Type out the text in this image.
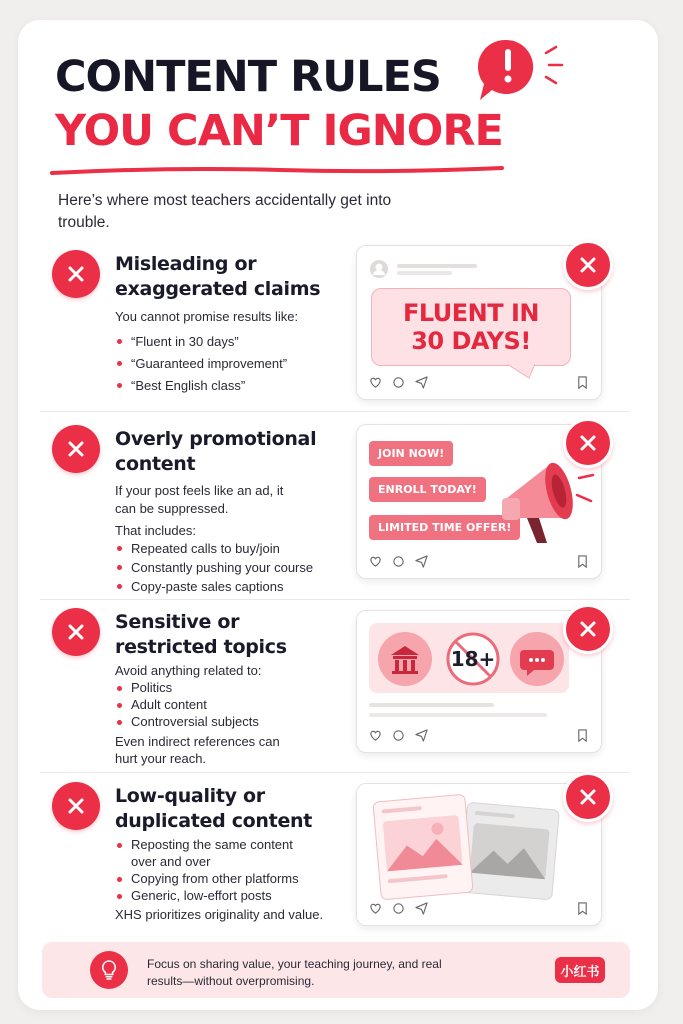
CONTENT RULES
YOU CAN’T IGNORE
Here’s where most teachers accidentally get into trouble.
Misleading or exaggerated claims
You cannot promise results like:
“Fluent in 30 days”
“Guaranteed improvement”
“Best English class”
FLUENT IN
30 DAYS!
Overly promotional content
If your post feels like an ad, it can be suppressed.
That includes:
Repeated calls to buy/join
Constantly pushing your course
Copy-paste sales captions
JOIN NOW!
ENROLL TODAY!
LIMITED TIME OFFER!
Sensitive or restricted topics
Avoid anything related to:
Politics
Adult content
Controversial subjects
Even indirect references can hurt your reach.
18+
Low-quality or duplicated content
Reposting the same content over and over
Copying from other platforms
Generic, low-effort posts
XHS prioritizes originality and value.
Focus on sharing value, your teaching journey, and real results—without overpromising.
小红书
